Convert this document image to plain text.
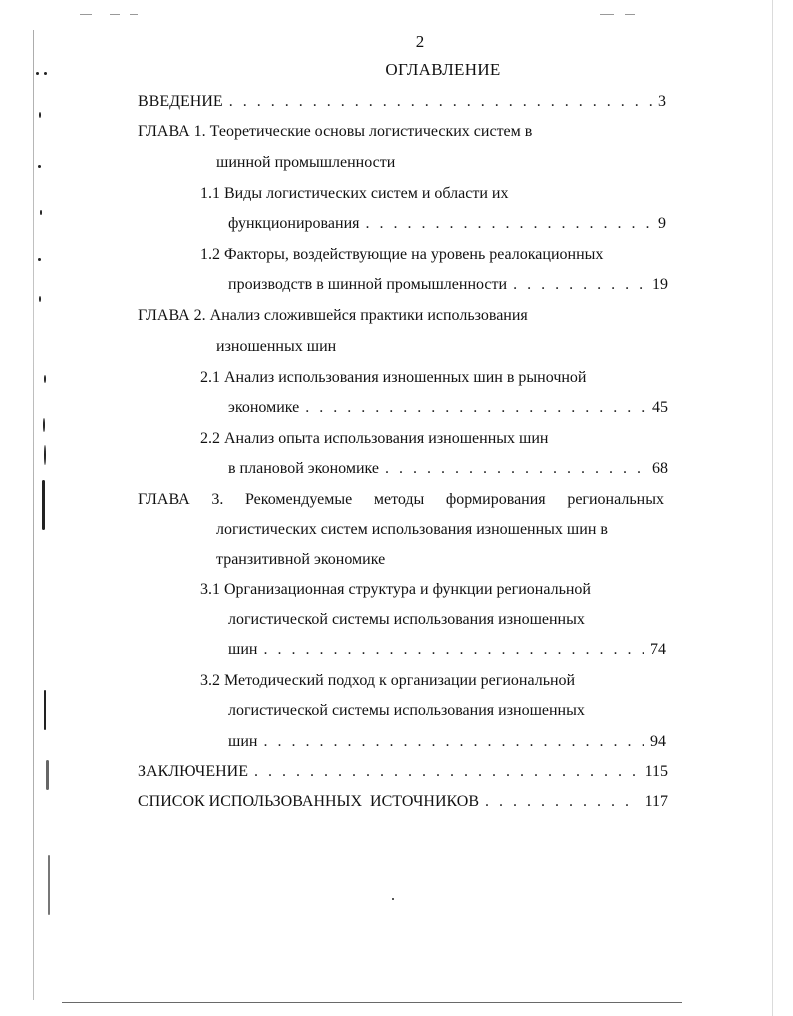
2
ОГЛАВЛЕНИЕ
ВВЕДЕНИЕ . . .	3
ГЛАВА 1. Теоретические основы логистических систем в
шинной промышленности
1.1 Виды логистических систем и области их
функционирования . . .	9
1.2 Факторы, воздействующие на уровень реалокационных
производств в шинной промышленности . . .	19
ГЛАВА 2. Анализ сложившейся практики использования
изношенных шин
2.1 Анализ использования изношенных шин в рыночной
экономике . . .	45
2.2 Анализ опыта использования изношенных шин
в плановой экономике . . .	68
ГЛАВА 3. Рекомендуемые методы формирования региональных
логистических систем использования изношенных шин в
транзитивной экономике
3.1 Организационная структура и функции региональной
логистической системы использования изношенных
шин . . .	74
3.2 Методический подход к организации региональной
логистической системы использования изношенных
шин . . .	94
ЗАКЛЮЧЕНИЕ . . .	115
СПИСОК ИСПОЛЬЗОВАННЫХ  ИСТОЧНИКОВ . . .	117
